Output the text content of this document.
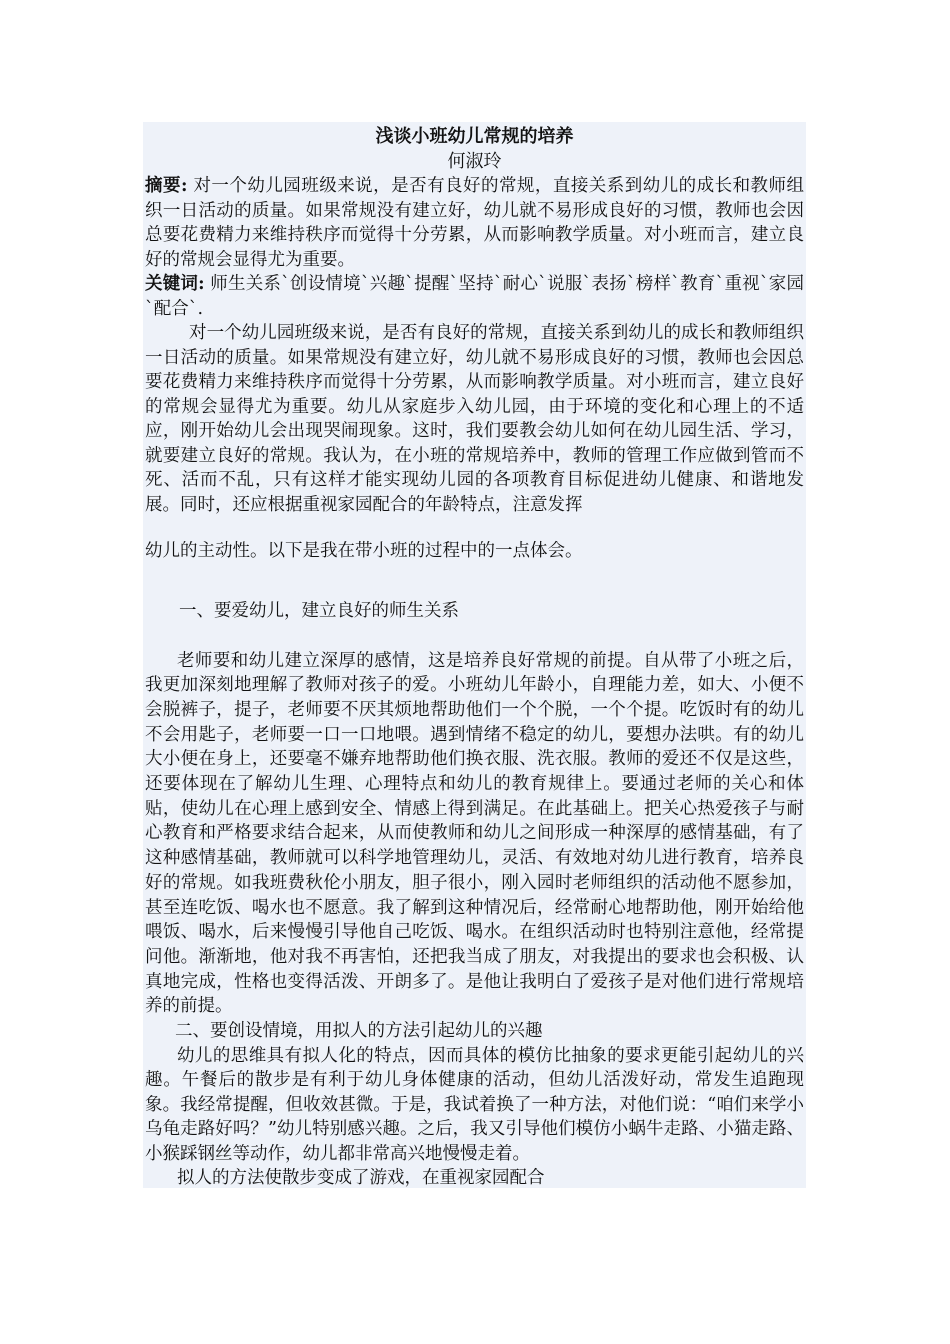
浅谈小班幼儿常规的培养
何淑玲

摘要: 对一个幼儿园班级来说，是否有良好的常规，直接关系到幼儿的成长和教师组织一日活动的质量。如果常规没有建立好，幼儿就不易形成良好的习惯，教师也会因总要花费精力来维持秩序而觉得十分劳累，从而影响教学质量。对小班而言，建立良好的常规会显得尤为重要。

关键词: 师生关系`创设情境`兴趣`提醒`坚持`耐心`说服`表扬`榜样`教育`重视`家园`配合`.

对一个幼儿园班级来说，是否有良好的常规，直接关系到幼儿的成长和教师组织一日活动的质量。如果常规没有建立好，幼儿就不易形成良好的习惯，教师也会因总要花费精力来维持秩序而觉得十分劳累，从而影响教学质量。对小班而言，建立良好的常规会显得尤为重要。幼儿从家庭步入幼儿园，由于环境的变化和心理上的不适应，刚开始幼儿会出现哭闹现象。这时，我们要教会幼儿如何在幼儿园生活、学习，就要建立良好的常规。我认为，在小班的常规培养中，教师的管理工作应做到管而不死、活而不乱，只有这样才能实现幼儿园的各项教育目标促进幼儿健康、和谐地发展。同时，还应根据重视家园配合的年龄特点，注意发挥

幼儿的主动性。以下是我在带小班的过程中的一点体会。

一、要爱幼儿，建立良好的师生关系

老师要和幼儿建立深厚的感情，这是培养良好常规的前提。自从带了小班之后，我更加深刻地理解了教师对孩子的爱。小班幼儿年龄小，自理能力差，如大、小便不会脱裤子，提子，老师要不厌其烦地帮助他们一个个脱，一个个提。吃饭时有的幼儿不会用匙子，老师要一口一口地喂。遇到情绪不稳定的幼儿，要想办法哄。有的幼儿大小便在身上，还要毫不嫌弃地帮助他们换衣服、洗衣服。教师的爱还不仅是这些，还要体现在了解幼儿生理、心理特点和幼儿的教育规律上。要通过老师的关心和体贴，使幼儿在心理上感到安全、情感上得到满足。在此基础上。把关心热爱孩子与耐心教育和严格要求结合起来，从而使教师和幼儿之间形成一种深厚的感情基础，有了这种感情基础，教师就可以科学地管理幼儿，灵活、有效地对幼儿进行教育，培养良好的常规。如我班费秋伦小朋友，胆子很小，刚入园时老师组织的活动他不愿参加，甚至连吃饭、喝水也不愿意。我了解到这种情况后，经常耐心地帮助他，刚开始给他喂饭、喝水，后来慢慢引导他自己吃饭、喝水。在组织活动时也特别注意他，经常提问他。渐渐地，他对我不再害怕，还把我当成了朋友，对我提出的要求也会积极、认真地完成，性格也变得活泼、开朗多了。是他让我明白了爱孩子是对他们进行常规培养的前提。

二、要创设情境，用拟人的方法引起幼儿的兴趣

幼儿的思维具有拟人化的特点，因而具体的模仿比抽象的要求更能引起幼儿的兴趣。午餐后的散步是有利于幼儿身体健康的活动，但幼儿活泼好动，常发生追跑现象。我经常提醒，但收效甚微。于是，我试着换了一种方法，对他们说：“咱们来学小乌龟走路好吗？”幼儿特别感兴趣。之后，我又引导他们模仿小蜗牛走路、小猫走路、小猴踩钢丝等动作，幼儿都非常高兴地慢慢走着。

拟人的方法使散步变成了游戏，在重视家园配合
